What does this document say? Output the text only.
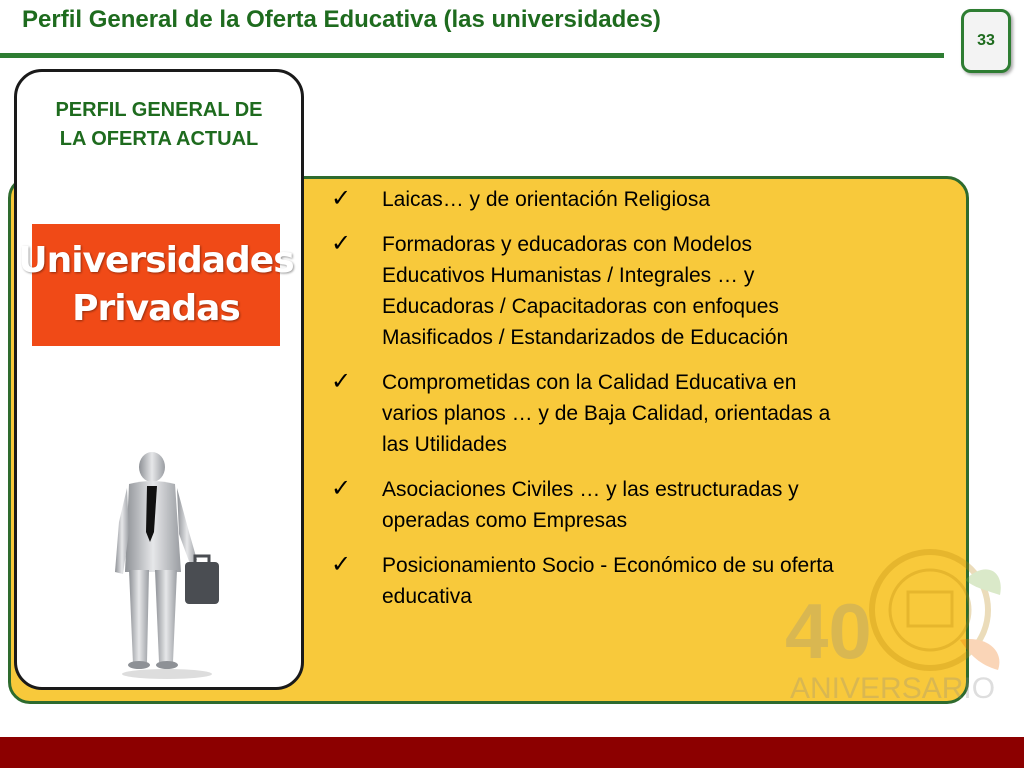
Perfil General de la Oferta Educativa (las universidades)
33
40
ANIVERSARIO
PERFIL GENERAL DE
LA OFERTA ACTUAL
Universidades
Privadas
✓	Laicas… y de orientación Religiosa
✓	Formadoras y educadoras con Modelos
Educativos Humanistas / Integrales … y
Educadoras / Capacitadoras con enfoques
Masificados / Estandarizados de Educación
✓	Comprometidas con la Calidad Educativa en
varios planos … y de Baja Calidad, orientadas a
las Utilidades
✓	Asociaciones Civiles … y las estructuradas y
operadas como Empresas
✓	Posicionamiento Socio - Económico de su oferta
educativa
